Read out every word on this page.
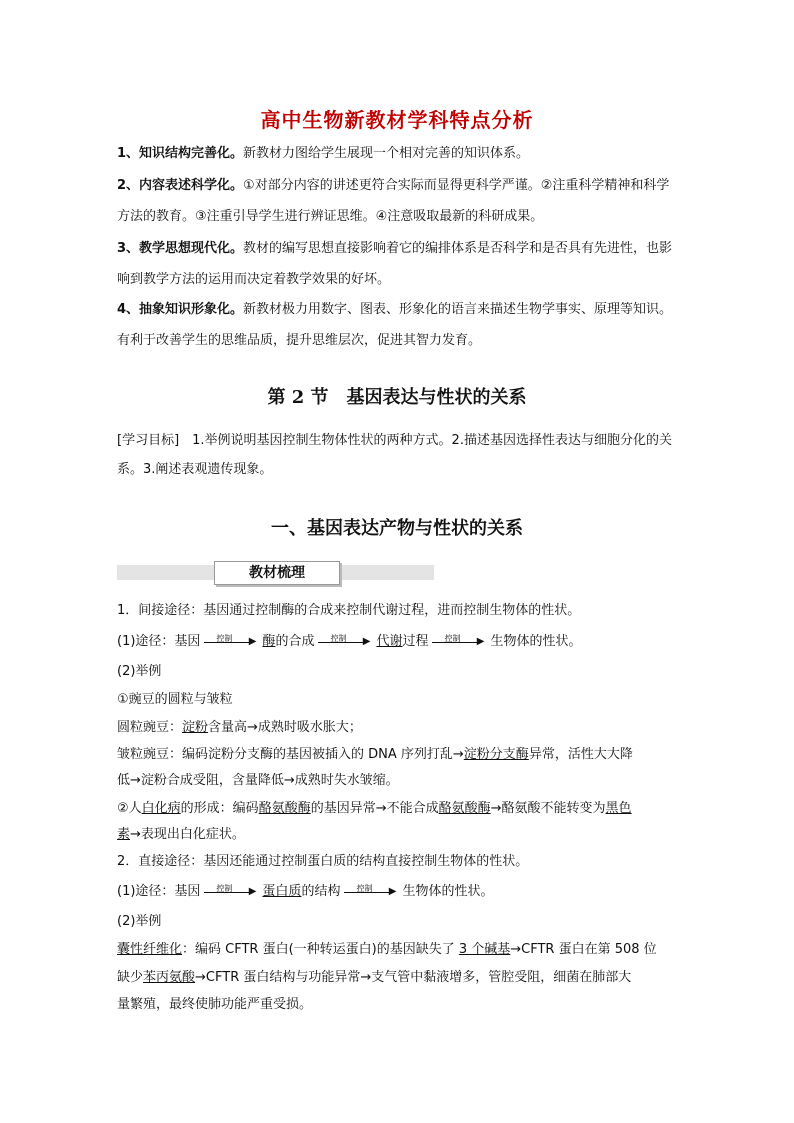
高中生物新教材学科特点分析
1、知识结构完善化。新教材力图给学生展现一个相对完善的知识体系。
2、内容表述科学化。①对部分内容的讲述更符合实际而显得更科学严谨。②注重科学精神和科学方法的教育。③注重引导学生进行辨证思维。④注意吸取最新的科研成果。
3、教学思想现代化。教材的编写思想直接影响着它的编排体系是否科学和是否具有先进性，也影响到教学方法的运用而决定着教学效果的好坏。
4、抽象知识形象化。新教材极力用数字、图表、形象化的语言来描述生物学事实、原理等知识。有利于改善学生的思维品质，提升思维层次，促进其智力发育。
第 2 节　基因表达与性状的关系
[学习目标]　1.举例说明基因控制生物体性状的两种方式。2.描述基因选择性表达与细胞分化的关系。3.阐述表观遗传现象。
一、基因表达产物与性状的关系
教材梳理
1．间接途径：基因通过控制酶的合成来控制代谢过程，进而控制生物体的性状。
(1)途径：基因 控制 ▶ 酶的合成 控制 ▶ 代谢过程 控制 ▶ 生物体的性状。
(2)举例
①豌豆的圆粒与皱粒
圆粒豌豆：淀粉含量高→成熟时吸水胀大；
皱粒豌豆：编码淀粉分支酶的基因被插入的 DNA 序列打乱→淀粉分支酶异常，活性大大降
低→淀粉合成受阻，含量降低→成熟时失水皱缩。
②人白化病的形成：编码酪氨酸酶的基因异常→不能合成酪氨酸酶→酪氨酸不能转变为黑色
素→表现出白化症状。
2．直接途径：基因还能通过控制蛋白质的结构直接控制生物体的性状。
(1)途径：基因 控制 ▶ 蛋白质的结构 控制 ▶ 生物体的性状。
(2)举例
囊性纤维化：编码 CFTR 蛋白(一种转运蛋白)的基因缺失了 3 个碱基→CFTR 蛋白在第 508 位
缺少苯丙氨酸→CFTR 蛋白结构与功能异常→支气管中黏液增多，管腔受阻，细菌在肺部大
量繁殖，最终使肺功能严重受损。
